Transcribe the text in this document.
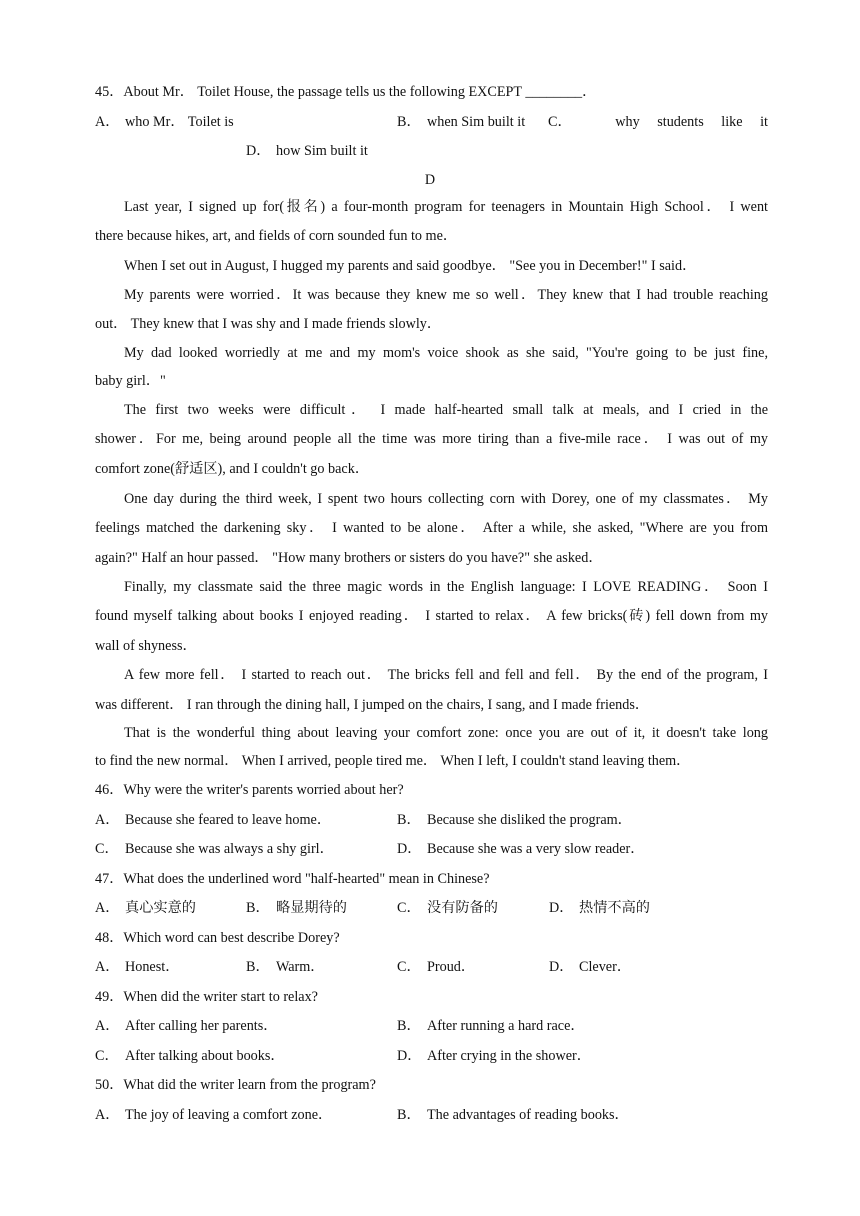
45．About Mr． Toilet House, the passage tells us the following EXCEPT ________．
A． who Mr． Toilet is	B． when Sim built it C．	why students like it
D． how Sim built it
D
Last year, I signed up for(报名) a four-month program for teenagers in Mountain High School． I went
there because hikes, art, and fields of corn sounded fun to me．
When I set out in August, I hugged my parents and said goodbye． "See you in December!" I said．
My parents were worried．It was because they knew me so well．They knew that I had trouble reaching
out． They knew that I was shy and I made friends slowly．
My dad looked worriedly at me and my mom's voice shook as she said, "You're going to be just fine,
baby girl．"
The first two weeks were difficult． I made half-hearted small talk at meals, and I cried in the
shower．For me, being around people all the time was more tiring than a five-mile race． I was out of my
comfort zone(舒适区), and I couldn't go back．
One day during the third week, I spent two hours collecting corn with Dorey, one of my classmates． My
feelings matched the darkening sky． I wanted to be alone． After a while, she asked, "Where are you from
again?" Half an hour passed． "How many brothers or sisters do you have?" she asked．
Finally, my classmate said the three magic words in the English language: I LOVE READING． Soon I
found myself talking about books I enjoyed reading． I started to relax． A few bricks(砖) fell down from my
wall of shyness．
A few more fell． I started to reach out． The bricks fell and fell and fell． By the end of the program, I
was different． I ran through the dining hall, I jumped on the chairs, I sang, and I made friends．
That is the wonderful thing about leaving your comfort zone: once you are out of it, it doesn't take long
to find the new normal． When I arrived, people tired me． When I left, I couldn't stand leaving them．
46．Why were the writer's parents worried about her?
A． Because she feared to leave home．	B． Because she disliked the program．
C． Because she was always a shy girl．	D． Because she was a very slow reader．
47．What does the underlined word "half-hearted" mean in Chinese?
A． 真心实意的	B． 略显期待的	C． 没有防备的	D． 热情不高的
48．Which word can best describe Dorey?
A． Honest．	B． Warm．	C． Proud．	D． Clever．
49．When did the writer start to relax?
A． After calling her parents．	B． After running a hard race．
C． After talking about books．	D． After crying in the shower．
50．What did the writer learn from the program?
A． The joy of leaving a comfort zone．	B． The advantages of reading books．
